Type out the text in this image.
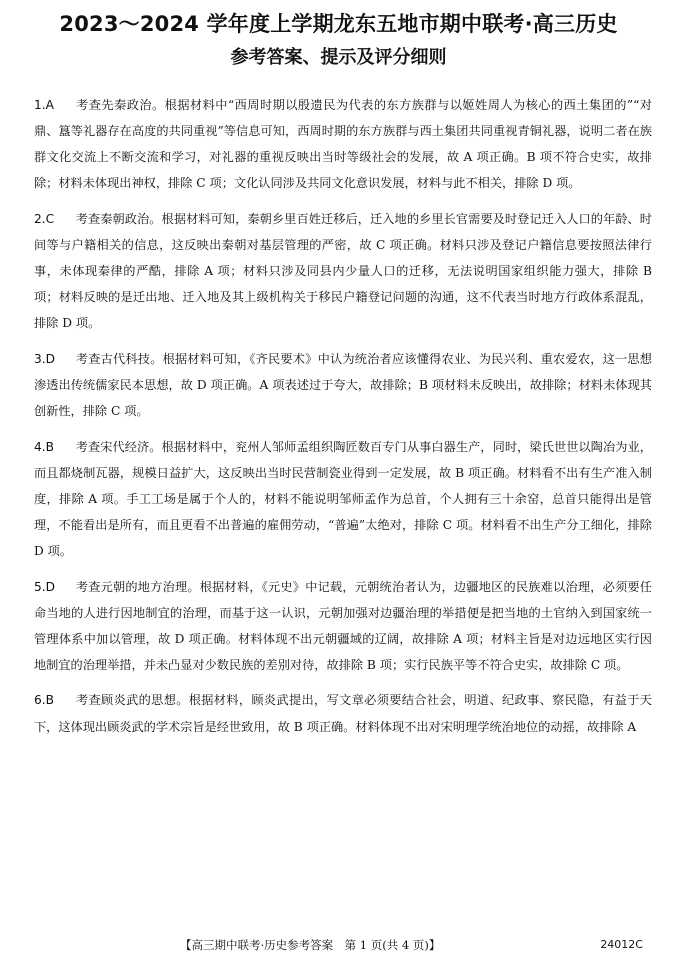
2023～2024 学年度上学期龙东五地市期中联考·高三历史
参考答案、提示及评分细则
1.A 考查先秦政治。根据材料中“西周时期以殷遗民为代表的东方族群与以姬姓周人为核心的西土集团的”“对鼎、簋等礼器存在高度的共同重视”等信息可知，西周时期的东方族群与西土集团共同重视青铜礼器，说明二者在族群文化交流上不断交流和学习，对礼器的重视反映出当时等级社会的发展，故 A 项正确。B 项不符合史实，故排除；材料未体现出神权，排除 C 项；文化认同涉及共同文化意识发展，材料与此不相关，排除 D 项。
2.C 考查秦朝政治。根据材料可知，秦朝乡里百姓迁移后，迁入地的乡里长官需要及时登记迁入人口的年龄、时间等与户籍相关的信息，这反映出秦朝对基层管理的严密，故 C 项正确。材料只涉及登记户籍信息要按照法律行事，未体现秦律的严酷，排除 A 项；材料只涉及同县内少量人口的迁移，无法说明国家组织能力强大，排除 B 项；材料反映的是迁出地、迁入地及其上级机构关于移民户籍登记问题的沟通，这不代表当时地方行政体系混乱，排除 D 项。
3.D 考查古代科技。根据材料可知，《齐民要术》中认为统治者应该懂得农业、为民兴利、重农爱农，这一思想渗透出传统儒家民本思想，故 D 项正确。A 项表述过于夸大，故排除；B 项材料未反映出，故排除；材料未体现其创新性，排除 C 项。
4.B 考查宋代经济。根据材料中，兖州人邹师孟组织陶匠数百专门从事白器生产，同时，梁氏世世以陶冶为业，而且都烧制瓦器，规模日益扩大，这反映出当时民营制瓷业得到一定发展，故 B 项正确。材料看不出有生产准入制度，排除 A 项。手工工场是属于个人的，材料不能说明邹师孟作为总首，个人拥有三十余窑，总首只能得出是管理，不能看出是所有，而且更看不出普遍的雇佣劳动，“普遍”太绝对，排除 C 项。材料看不出生产分工细化，排除 D 项。
5.D 考查元朝的地方治理。根据材料，《元史》中记载，元朝统治者认为，边疆地区的民族难以治理，必须要任命当地的人进行因地制宜的治理，而基于这一认识，元朝加强对边疆治理的举措便是把当地的土官纳入到国家统一管理体系中加以管理，故 D 项正确。材料体现不出元朝疆域的辽阔，故排除 A 项；材料主旨是对边远地区实行因地制宜的治理举措，并未凸显对少数民族的差别对待，故排除 B 项；实行民族平等不符合史实，故排除 C 项。
6.B 考查顾炎武的思想。根据材料，顾炎武提出，写文章必须要结合社会，明道、纪政事、察民隐，有益于天下，这体现出顾炎武的学术宗旨是经世致用，故 B 项正确。材料体现不出对宋明理学统治地位的动摇，故排除 A
【高三期中联考·历史参考答案　第 1 页(共 4 页)】	24012C
